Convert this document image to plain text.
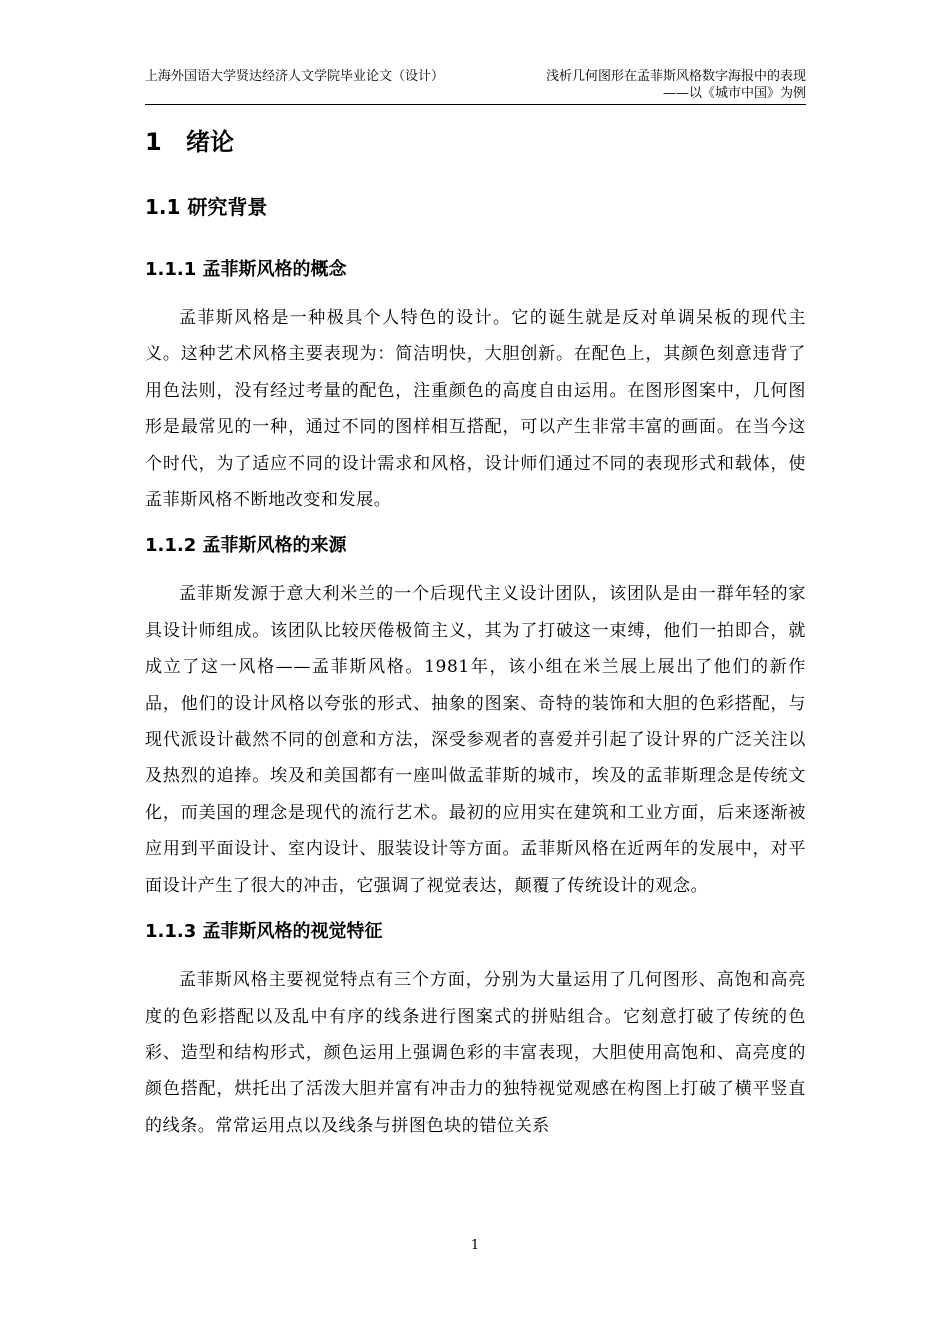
上海外国语大学贤达经济人文学院毕业论文（设计）	浅析几何图形在孟菲斯风格数字海报中的表现
——以《城市中国》为例
1 绪论
1.1 研究背景
1.1.1 孟菲斯风格的概念

孟菲斯风格是一种极具个人特色的设计。它的诞生就是反对单调呆板的现代主义。这种艺术风格主要表现为：简洁明快，大胆创新。在配色上，其颜色刻意违背了用色法则，没有经过考量的配色，注重颜色的高度自由运用。在图形图案中，几何图形是最常见的一种，通过不同的图样相互搭配，可以产生非常丰富的画面。在当今这个时代，为了适应不同的设计需求和风格，设计师们通过不同的表现形式和载体，使孟菲斯风格不断地改变和发展。

1.1.2 孟菲斯风格的来源

孟菲斯发源于意大利米兰的一个后现代主义设计团队，该团队是由一群年轻的家具设计师组成。该团队比较厌倦极简主义，其为了打破这一束缚，他们一拍即合，就成立了这一风格——孟菲斯风格。1981年，该小组在米兰展上展出了他们的新作品，他们的设计风格以夸张的形式、抽象的图案、奇特的装饰和大胆的色彩搭配，与现代派设计截然不同的创意和方法，深受参观者的喜爱并引起了设计界的广泛关注以及热烈的追捧。埃及和美国都有一座叫做孟菲斯的城市，埃及的孟菲斯理念是传统文化，而美国的理念是现代的流行艺术。最初的应用实在建筑和工业方面，后来逐渐被应用到平面设计、室内设计、服装设计等方面。孟菲斯风格在近两年的发展中，对平面设计产生了很大的冲击，它强调了视觉表达，颠覆了传统设计的观念。

1.1.3 孟菲斯风格的视觉特征

孟菲斯风格主要视觉特点有三个方面，分别为大量运用了几何图形、高饱和高亮度的色彩搭配以及乱中有序的线条进行图案式的拼贴组合。它刻意打破了传统的色彩、造型和结构形式，颜色运用上强调色彩的丰富表现，大胆使用高饱和、高亮度的颜色搭配，烘托出了活泼大胆并富有冲击力的独特视觉观感在构图上打破了横平竖直的线条。常常运用点以及线条与拼图色块的错位关系

1
